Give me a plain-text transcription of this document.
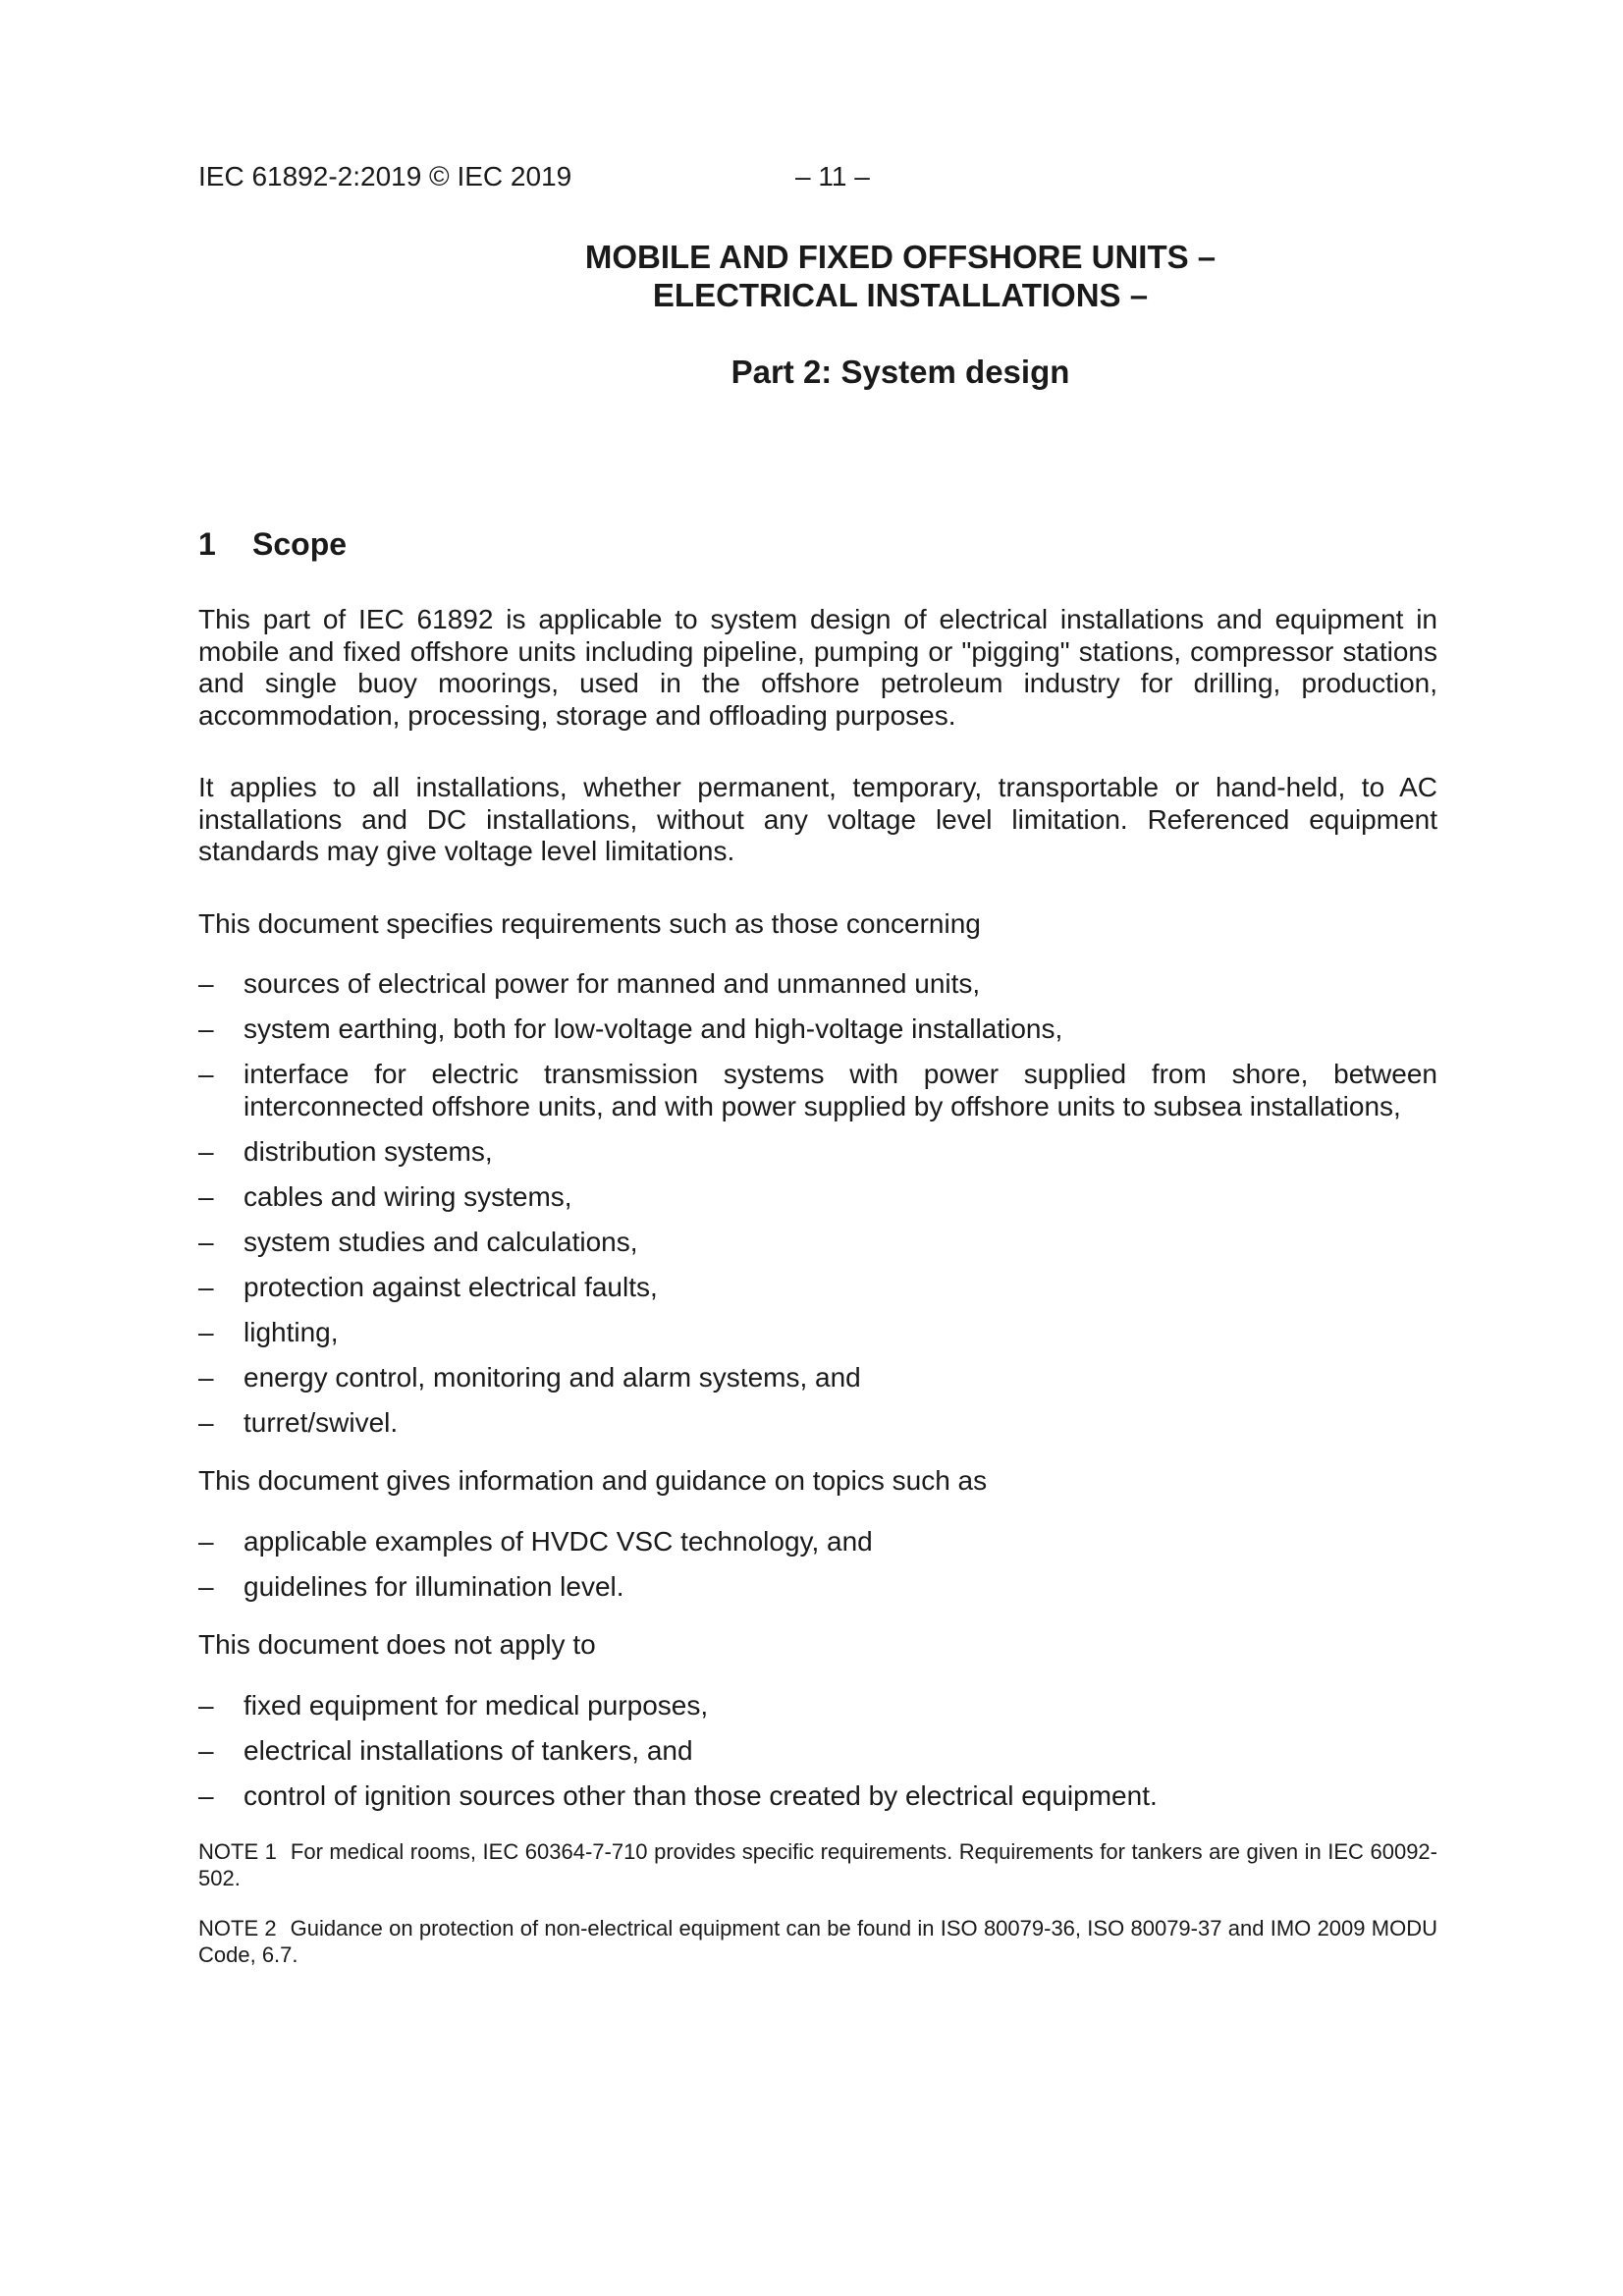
IEC 61892-2:2019 © IEC 2019	– 11 –
MOBILE AND FIXED OFFSHORE UNITS –
ELECTRICAL INSTALLATIONS –
Part 2: System design
1 Scope

This part of IEC 61892 is applicable to system design of electrical installations and equipment in mobile and fixed offshore units including pipeline, pumping or "pigging" stations, compressor stations and single buoy moorings, used in the offshore petroleum industry for drilling, production, accommodation, processing, storage and offloading purposes.

It applies to all installations, whether permanent, temporary, transportable or hand-held, to AC installations and DC installations, without any voltage level limitation. Referenced equipment standards may give voltage level limitations.

This document specifies requirements such as those concerning

– sources of electrical power for manned and unmanned units,
– system earthing, both for low-voltage and high-voltage installations,
– interface for electric transmission systems with power supplied from shore, between interconnected offshore units, and with power supplied by offshore units to subsea installations,
– distribution systems,
– cables and wiring systems,
– system studies and calculations,
– protection against electrical faults,
– lighting,
– energy control, monitoring and alarm systems, and
– turret/swivel.

This document gives information and guidance on topics such as

– applicable examples of HVDC VSC technology, and
– guidelines for illumination level.

This document does not apply to

– fixed equipment for medical purposes,
– electrical installations of tankers, and
– control of ignition sources other than those created by electrical equipment.

NOTE 1 For medical rooms, IEC 60364-7-710 provides specific requirements. Requirements for tankers are given in IEC 60092-502.

NOTE 2 Guidance on protection of non-electrical equipment can be found in ISO 80079-36, ISO 80079-37 and IMO 2009 MODU Code, 6.7.
